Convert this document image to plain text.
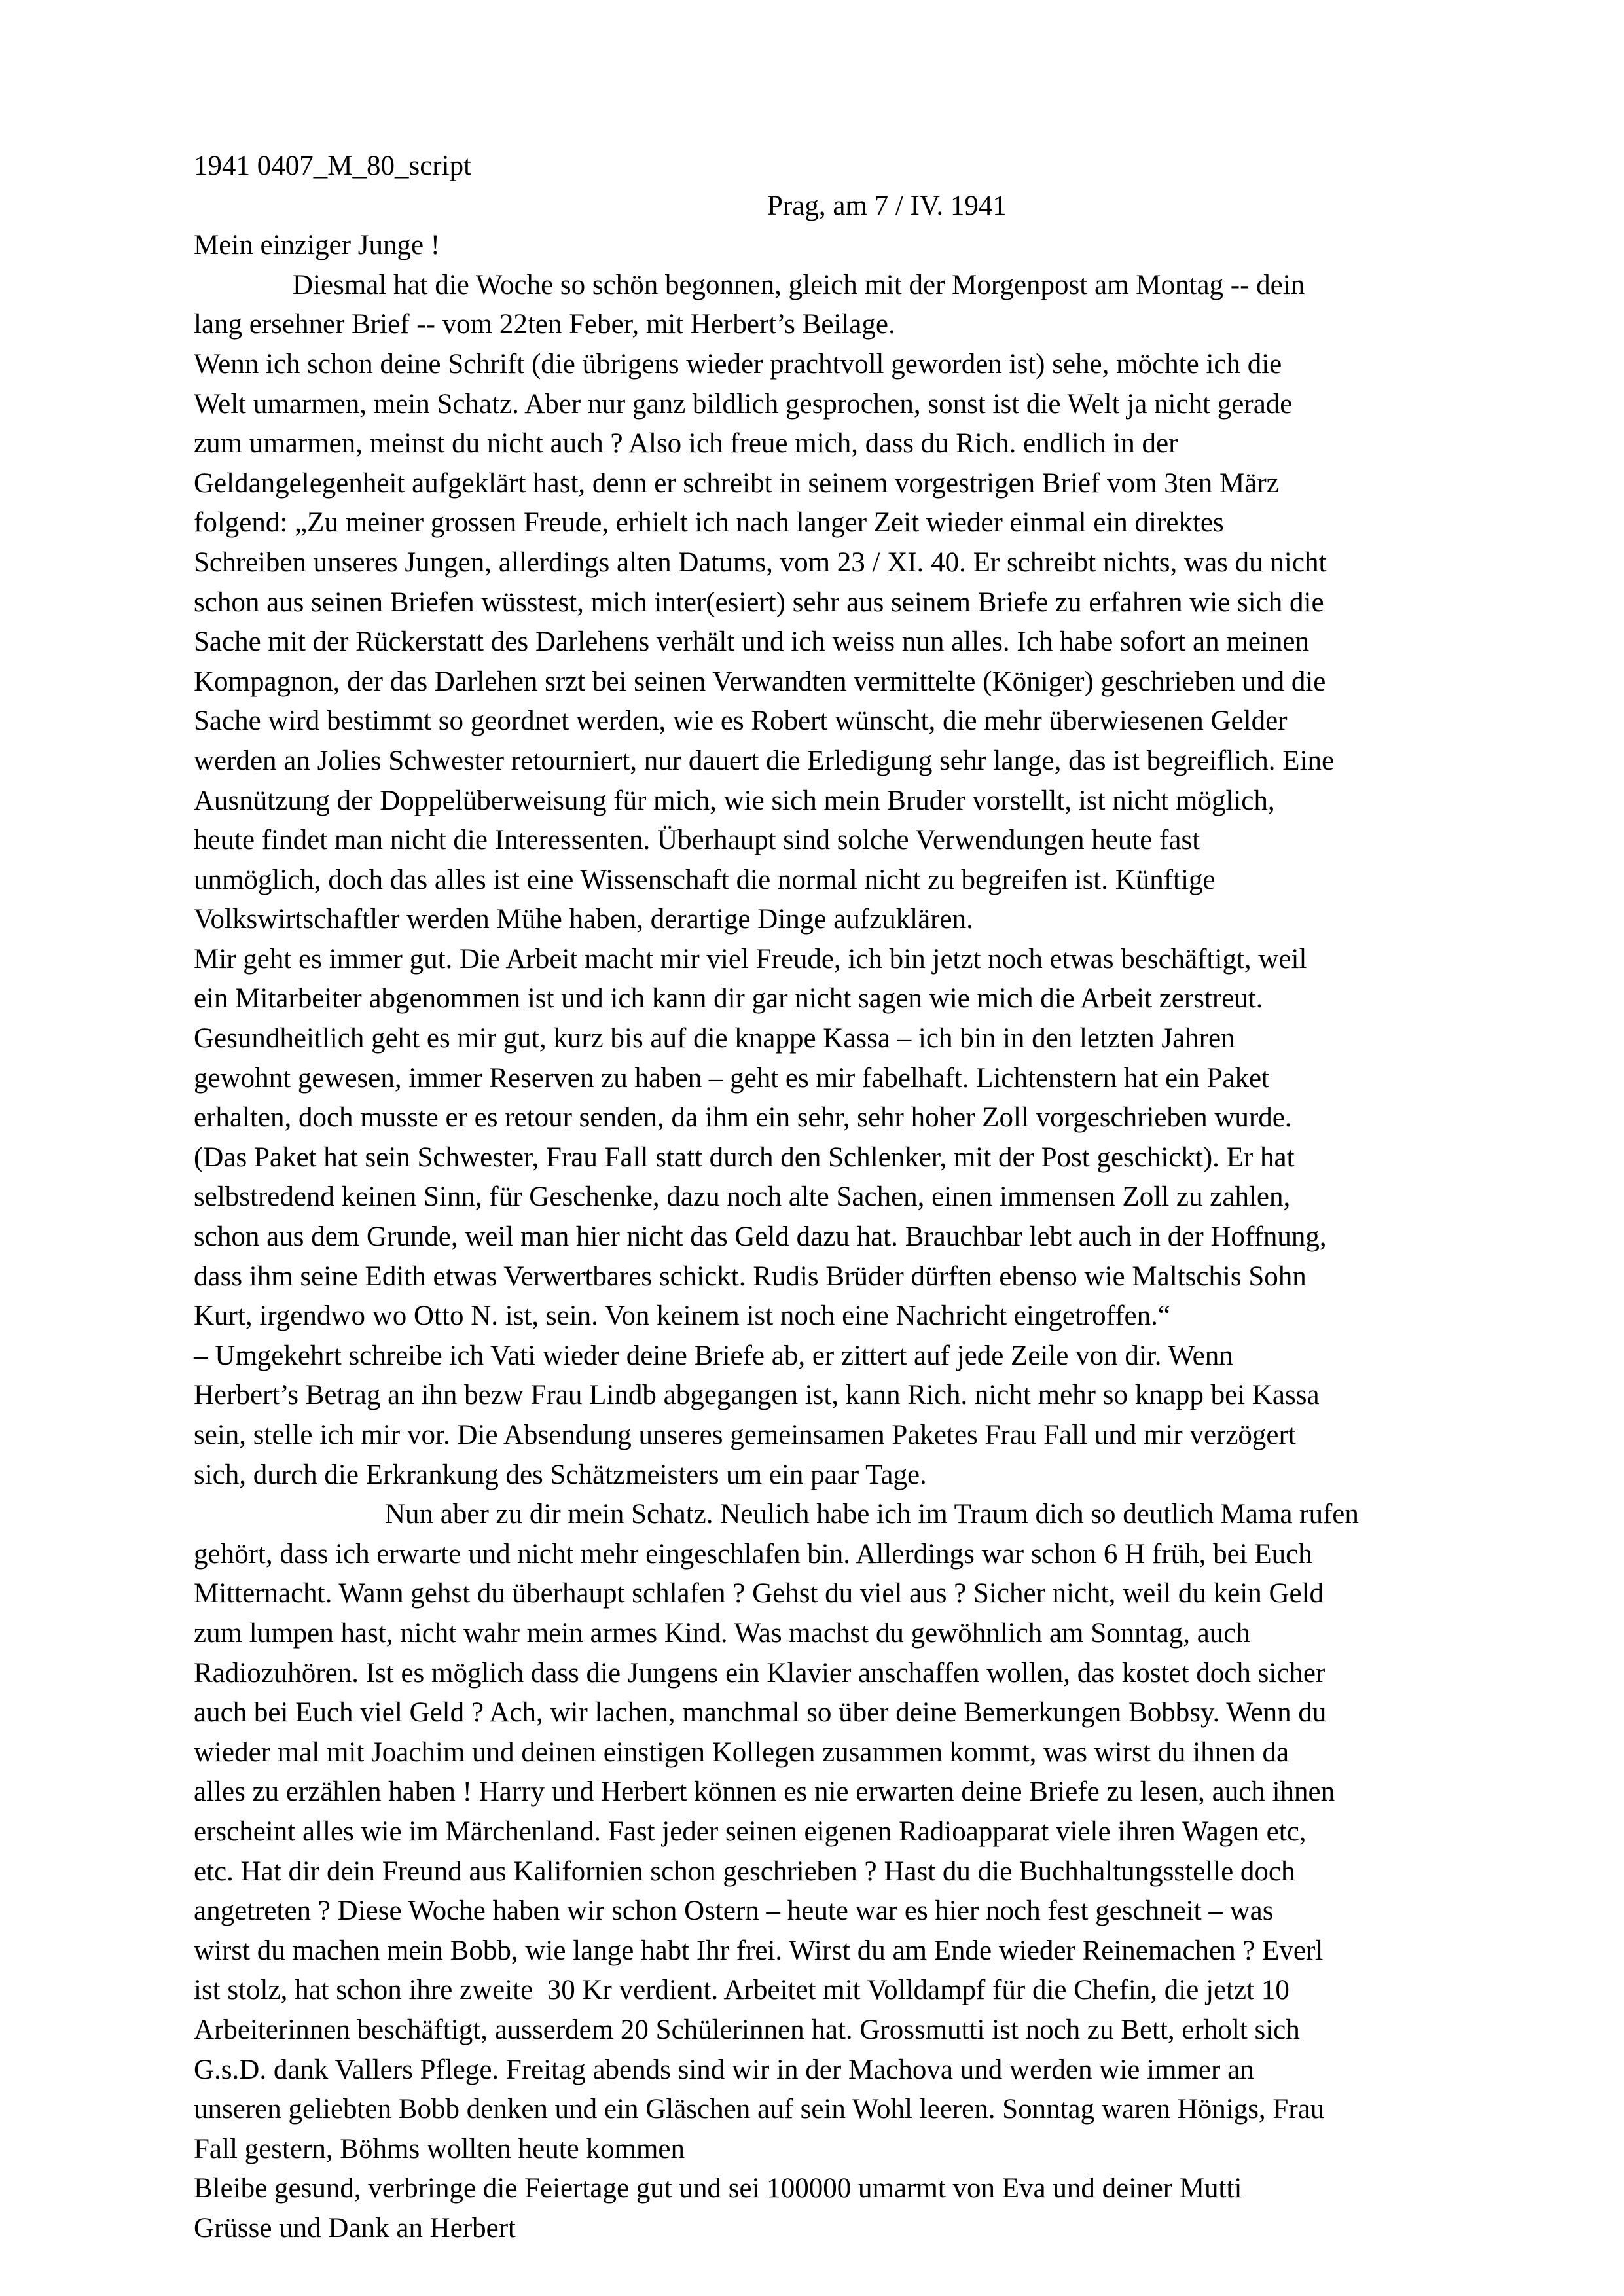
1941 0407_M_80_script
Prag, am 7 / IV. 1941
Mein einziger Junge !
Diesmal hat die Woche so schön begonnen, gleich mit der Morgenpost am Montag -- dein
lang ersehner Brief -- vom 22ten Feber, mit Herbert’s Beilage.
Wenn ich schon deine Schrift (die übrigens wieder prachtvoll geworden ist) sehe, möchte ich die
Welt umarmen, mein Schatz. Aber nur ganz bildlich gesprochen, sonst ist die Welt ja nicht gerade
zum umarmen, meinst du nicht auch ? Also ich freue mich, dass du Rich. endlich in der
Geldangelegenheit aufgeklärt hast, denn er schreibt in seinem vorgestrigen Brief vom 3ten März
folgend: „Zu meiner grossen Freude, erhielt ich nach langer Zeit wieder einmal ein direktes
Schreiben unseres Jungen, allerdings alten Datums, vom 23 / XI. 40. Er schreibt nichts, was du nicht
schon aus seinen Briefen wüsstest, mich inter(esiert) sehr aus seinem Briefe zu erfahren wie sich die
Sache mit der Rückerstatt des Darlehens verhält und ich weiss nun alles. Ich habe sofort an meinen
Kompagnon, der das Darlehen srzt bei seinen Verwandten vermittelte (Königer) geschrieben und die
Sache wird bestimmt so geordnet werden, wie es Robert wünscht, die mehr überwiesenen Gelder
werden an Jolies Schwester retourniert, nur dauert die Erledigung sehr lange, das ist begreiflich. Eine
Ausnützung der Doppelüberweisung für mich, wie sich mein Bruder vorstellt, ist nicht möglich,
heute findet man nicht die Interessenten. Überhaupt sind solche Verwendungen heute fast
unmöglich, doch das alles ist eine Wissenschaft die normal nicht zu begreifen ist. Künftige
Volkswirtschaftler werden Mühe haben, derartige Dinge aufzuklären.
Mir geht es immer gut. Die Arbeit macht mir viel Freude, ich bin jetzt noch etwas beschäftigt, weil
ein Mitarbeiter abgenommen ist und ich kann dir gar nicht sagen wie mich die Arbeit zerstreut.
Gesundheitlich geht es mir gut, kurz bis auf die knappe Kassa – ich bin in den letzten Jahren
gewohnt gewesen, immer Reserven zu haben – geht es mir fabelhaft. Lichtenstern hat ein Paket
erhalten, doch musste er es retour senden, da ihm ein sehr, sehr hoher Zoll vorgeschrieben wurde.
(Das Paket hat sein Schwester, Frau Fall statt durch den Schlenker, mit der Post geschickt). Er hat
selbstredend keinen Sinn, für Geschenke, dazu noch alte Sachen, einen immensen Zoll zu zahlen,
schon aus dem Grunde, weil man hier nicht das Geld dazu hat. Brauchbar lebt auch in der Hoffnung,
dass ihm seine Edith etwas Verwertbares schickt. Rudis Brüder dürften ebenso wie Maltschis Sohn
Kurt, irgendwo wo Otto N. ist, sein. Von keinem ist noch eine Nachricht eingetroffen.“
– Umgekehrt schreibe ich Vati wieder deine Briefe ab, er zittert auf jede Zeile von dir. Wenn
Herbert’s Betrag an ihn bezw Frau Lindb abgegangen ist, kann Rich. nicht mehr so knapp bei Kassa
sein, stelle ich mir vor. Die Absendung unseres gemeinsamen Paketes Frau Fall und mir verzögert
sich, durch die Erkrankung des Schätzmeisters um ein paar Tage.
Nun aber zu dir mein Schatz. Neulich habe ich im Traum dich so deutlich Mama rufen
gehört, dass ich erwarte und nicht mehr eingeschlafen bin. Allerdings war schon 6 H früh, bei Euch
Mitternacht. Wann gehst du überhaupt schlafen ? Gehst du viel aus ? Sicher nicht, weil du kein Geld
zum lumpen hast, nicht wahr mein armes Kind. Was machst du gewöhnlich am Sonntag, auch
Radiozuhören. Ist es möglich dass die Jungens ein Klavier anschaffen wollen, das kostet doch sicher
auch bei Euch viel Geld ? Ach, wir lachen, manchmal so über deine Bemerkungen Bobbsy. Wenn du
wieder mal mit Joachim und deinen einstigen Kollegen zusammen kommt, was wirst du ihnen da
alles zu erzählen haben ! Harry und Herbert können es nie erwarten deine Briefe zu lesen, auch ihnen
erscheint alles wie im Märchenland. Fast jeder seinen eigenen Radioapparat viele ihren Wagen etc,
etc. Hat dir dein Freund aus Kalifornien schon geschrieben ? Hast du die Buchhaltungsstelle doch
angetreten ? Diese Woche haben wir schon Ostern – heute war es hier noch fest geschneit – was
wirst du machen mein Bobb, wie lange habt Ihr frei. Wirst du am Ende wieder Reinemachen ? Everl
ist stolz, hat schon ihre zweite  30 Kr verdient. Arbeitet mit Volldampf für die Chefin, die jetzt 10
Arbeiterinnen beschäftigt, ausserdem 20 Schülerinnen hat. Grossmutti ist noch zu Bett, erholt sich
G.s.D. dank Vallers Pflege. Freitag abends sind wir in der Machova und werden wie immer an
unseren geliebten Bobb denken und ein Gläschen auf sein Wohl leeren. Sonntag waren Hönigs, Frau
Fall gestern, Böhms wollten heute kommen
Bleibe gesund, verbringe die Feiertage gut und sei 100000 umarmt von Eva und deiner Mutti
Grüsse und Dank an Herbert
